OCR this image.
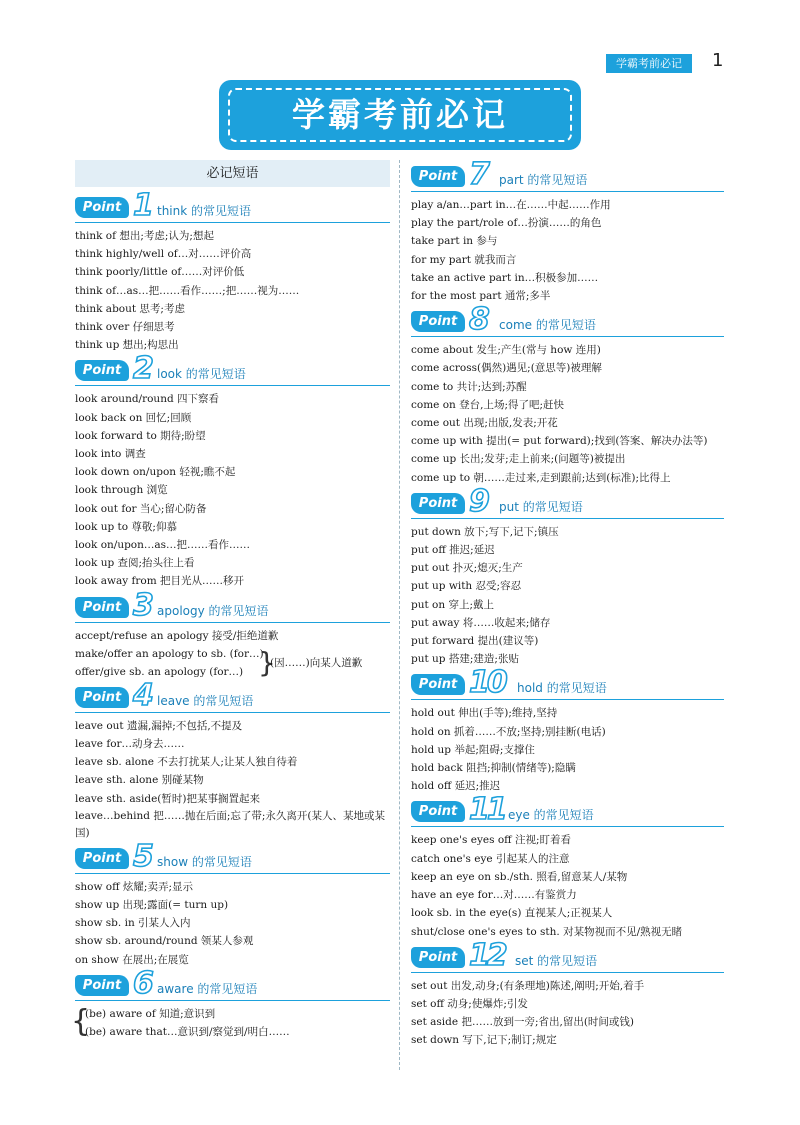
学霸考前必记	1
学霸考前必记
必记短语
Point 1 think 的常见短语
think of 想出;考虑;认为;想起
think highly/well of…对……评价高
think poorly/little of……对评价低
think of…as…把……看作……;把……视为……
think about 思考;考虑
think over 仔细思考
think up 想出;构思出
Point 2 look 的常见短语
look around/round 四下察看
look back on 回忆;回顾
look forward to 期待;盼望
look into 调查
look down on/upon 轻视;瞧不起
look through 浏览
look out for 当心;留心防备
look up to 尊敬;仰慕
look on/upon…as…把……看作……
look up 查阅;抬头往上看
look away from 把目光从……移开
Point 3 apology 的常见短语
accept/refuse an apology 接受/拒绝道歉
make/offer an apology to sb. (for…)
offer/give sb. an apology (for…) }
(因……)向某人道歉
Point 4 leave 的常见短语
leave out 遗漏,漏掉;不包括,不提及
leave for…动身去……
leave sb. alone 不去打扰某人;让某人独自待着
leave sth. alone 别碰某物
leave sth. aside(暂时)把某事搁置起来
leave…behind 把……抛在后面;忘了带;永久离开(某人、某地或某国)
Point 5 show 的常见短语
show off 炫耀;卖弄;显示
show up 出现;露面(= turn up)
show sb. in 引某人入内
show sb. around/round 领某人参观
on show 在展出;在展览
Point 6 aware 的常见短语
{
(be) aware of 知道;意识到
(be) aware that…意识到/察觉到/明白……
Point 7 part 的常见短语
play a/an…part in…在……中起……作用
play the part/role of…扮演……的角色
take part in 参与
for my part 就我而言
take an active part in…积极参加……
for the most part 通常;多半
Point 8 come 的常见短语
come about 发生;产生(常与 how 连用)
come across(偶然)遇见;(意思等)被理解
come to 共计;达到;苏醒
come on 登台,上场;得了吧;赶快
come out 出现;出版,发表;开花
come up with 提出(= put forward);找到(答案、解决办法等)
come up 长出;发芽;走上前来;(问题等)被提出
come up to 朝……走过来,走到跟前;达到(标准);比得上
Point 9 put 的常见短语
put down 放下;写下,记下;镇压
put off 推迟;延迟
put out 扑灭;熄灭;生产
put up with 忍受;容忍
put on 穿上;戴上
put away 将……收起来;储存
put forward 提出(建议等)
put up 搭建;建造;张贴
Point 10 hold 的常见短语
hold out 伸出(手等);维持,坚持
hold on 抓着……不放;坚持;别挂断(电话)
hold up 举起;阻碍;支撑住
hold back 阻挡;抑制(情绪等);隐瞒
hold off 延迟;推迟
Point 11 eye 的常见短语
keep one's eyes off 注视;盯着看
catch one's eye 引起某人的注意
keep an eye on sb./sth. 照看,留意某人/某物
have an eye for…对……有鉴赏力
look sb. in the eye(s) 直视某人;正视某人
shut/close one's eyes to sth. 对某物视而不见/熟视无睹
Point 12 set 的常见短语
set out 出发,动身;(有条理地)陈述,阐明;开始,着手
set off 动身;使爆炸;引发
set aside 把……放到一旁;省出,留出(时间或钱)
set down 写下,记下;制订;规定
